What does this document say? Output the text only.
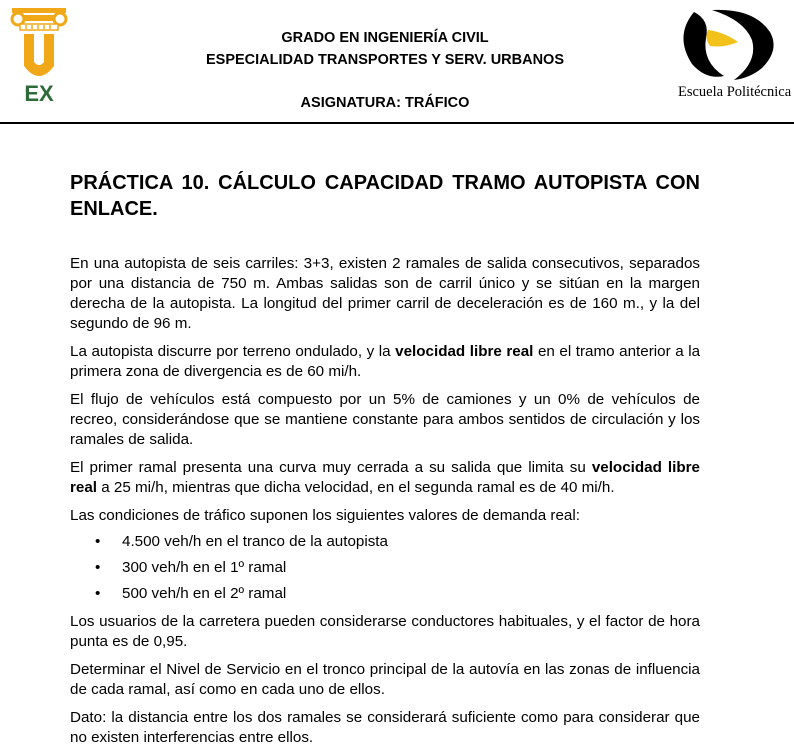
EX
GRADO EN INGENIERÍA CIVIL
ESPECIALIDAD TRANSPORTES Y SERV. URBANOS
ASIGNATURA: TRÁFICO
Escuela Politécnica
PRÁCTICA 10. CÁLCULO CAPACIDAD TRAMO AUTOPISTA CON ENLACE.

En una autopista de seis carriles: 3+3, existen 2 ramales de salida consecutivos, separados por una distancia de 750 m. Ambas salidas son de carril único y se sitúan en la margen derecha de la autopista. La longitud del primer carril de deceleración es de 160 m., y la del segundo de 96 m.

La autopista discurre por terreno ondulado, y la velocidad libre real en el tramo anterior a la primera zona de divergencia es de 60 mi/h.

El flujo de vehículos está compuesto por un 5% de camiones y un 0% de vehículos de recreo, considerándose que se mantiene constante para ambos sentidos de circulación y los ramales de salida.

El primer ramal presenta una curva muy cerrada a su salida que limita su velocidad libre real a 25 mi/h, mientras que dicha velocidad, en el segunda ramal es de 40 mi/h.

Las condiciones de tráfico suponen los siguientes valores de demanda real:

• 4.500 veh/h en el tranco de la autopista
• 300 veh/h en el 1º ramal
• 500 veh/h en el 2º ramal

Los usuarios de la carretera pueden considerarse conductores habituales, y el factor de hora punta es de 0,95.

Determinar el Nivel de Servicio en el tronco principal de la autovía en las zonas de influencia de cada ramal, así como en cada uno de ellos.

Dato: la distancia entre los dos ramales se considerará suficiente como para considerar que no existen interferencias entre ellos.
